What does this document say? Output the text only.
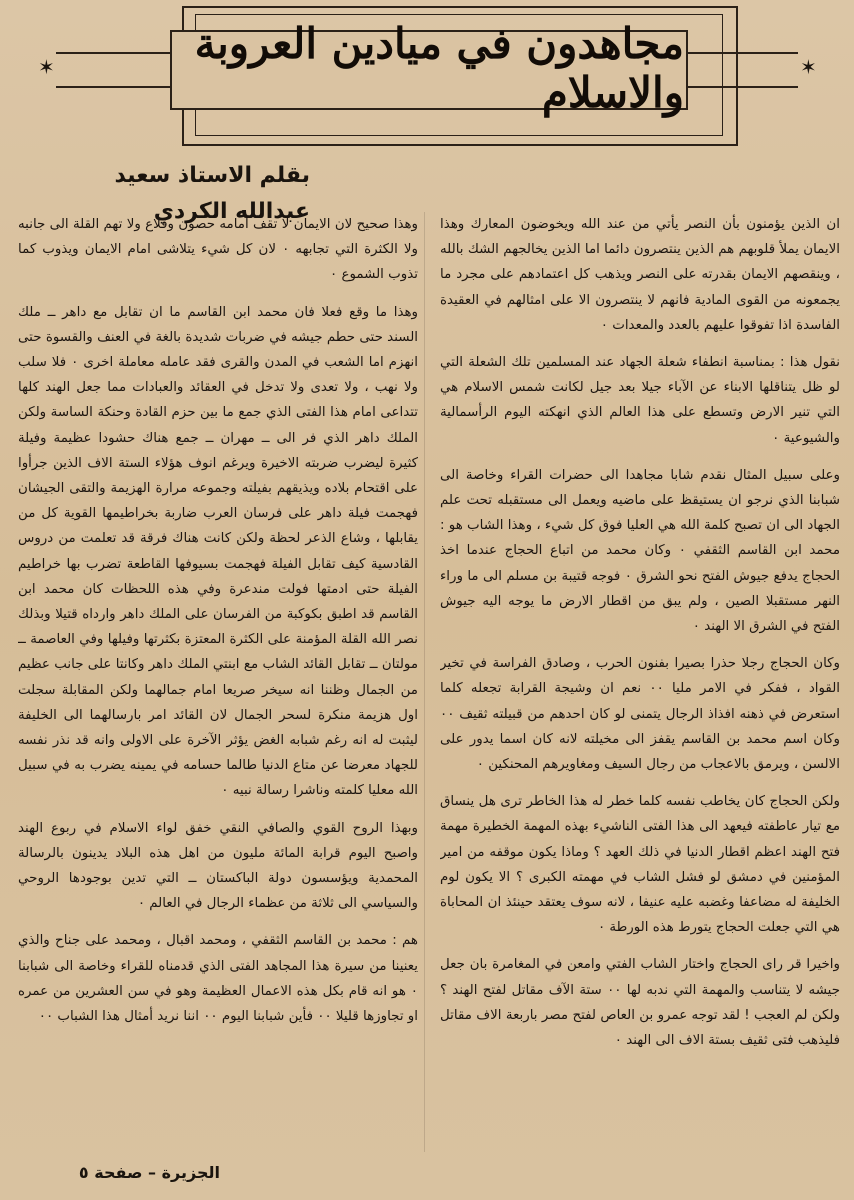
✶	✶
مجاهدون في ميادين العروبة والاسلام
بقلم الاستاذ سعيد عبدالله الكردي

ان الذين يؤمنون بأن النصر يأتي من عند الله ويخوضون المعارك وهذا الايمان يملأ قلوبهم هم الذين ينتصرون دائما اما الذين يخالجهم الشك بالله ، وينقصهم الايمان بقدرته على النصر ويذهب كل اعتمادهم على مجرد ما يجمعونه من القوى المادية فانهم لا ينتصرون الا على امثالهم في العقيدة الفاسدة اذا تفوقوا عليهم بالعدد والمعدات ٠

نقول هذا : بمناسبة انطفاء شعلة الجهاد عند المسلمين تلك الشعلة التي لو ظل يتناقلها الابناء عن الآباء جيلا بعد جيل لكانت شمس الاسلام هي التي تنير الارض وتسطع على هذا العالم الذي انهكته اليوم الرأسمالية والشيوعية ٠

وعلى سبيل المثال نقدم شابا مجاهدا الى حضرات القراء وخاصة الى شبابنا الذي نرجو ان يستيقظ على ماضيه ويعمل الى مستقبله تحت علم الجهاد الى ان تصبح كلمة الله هي العليا فوق كل شيء ، وهذا الشاب هو : محمد ابن القاسم الثقفي ٠ وكان محمد من اتباع الحجاج عندما اخذ الحجاج يدفع جيوش الفتح نحو الشرق ٠ فوجه قتيبة بن مسلم الى ما وراء النهر مستقبلا الصين ، ولم يبق من اقطار الارض ما يوجه اليه جيوش الفتح في الشرق الا الهند ٠

وكان الحجاج رجلا حذرا بصيرا بفنون الحرب ، وصادق الفراسة في تخير القواد ، ففكر في الامر مليا ٠٠ نعم ان وشيجة القرابة تجعله كلما استعرض في ذهنه افذاذ الرجال يتمنى لو كان احدهم من قبيلته ثقيف ٠٠ وكان اسم محمد بن القاسم يقفز الى مخيلته لانه كان اسما يدور على الالسن ، ويرمق بالاعجاب من رجال السيف ومغاويرهم المحنكين ٠

ولكن الحجاج كان يخاطب نفسه كلما خطر له هذا الخاطر ترى هل ينساق مع تيار عاطفته فيعهد الى هذا الفتى الناشيء بهذه المهمة الخطيرة مهمة فتح الهند اعظم اقطار الدنيا في ذلك العهد ؟ وماذا يكون موقفه من امير المؤمنين في دمشق لو فشل الشاب في مهمته الكبرى ؟ الا يكون لوم الخليفة له مضاعفا وغضبه عليه عنيفا ، لانه سوف يعتقد حينئذ ان المحاباة هي التي جعلت الحجاج يتورط هذه الورطة ٠

واخيرا قر راى الحجاج واختار الشاب الفتي وامعن في المغامرة بان جعل جيشه لا يتناسب والمهمة التي ندبه لها ٠٠ ستة الآف مقاتل لفتح الهند ؟ ولكن لم العجب ! لقد توجه عمرو بن العاص لفتح مصر باربعة الاف مقاتل فليذهب فتى ثقيف بستة الاف الى الهند ٠

وهذا صحيح لان الايمان لا تقف امامه حصون وقلاع ولا تهم القلة الى جانبه ولا الكثرة التي تجابهه ٠ لان كل شيء يتلاشى امام الايمان ويذوب كما تذوب الشموع ٠

وهذا ما وقع فعلا فان محمد ابن القاسم ما ان تقابل مع داهر ــ ملك السند حتى حطم جيشه في ضربات شديدة بالغة في العنف والقسوة حتى انهزم اما الشعب في المدن والقرى فقد عامله معاملة اخرى ٠ فلا سلب ولا نهب ، ولا تعدى ولا تدخل في العقائد والعبادات مما جعل الهند كلها تتداعى امام هذا الفتى الذي جمع ما بين حزم القادة وحنكة الساسة ولكن الملك داهر الذي فر الى ــ مهران ــ جمع هناك حشودا عظيمة وفيلة كثيرة ليضرب ضربته الاخيرة ويرغم انوف هؤلاء الستة الاف الذين جرأوا على اقتحام بلاده ويذيقهم بفيلته وجموعه مرارة الهزيمة والتقى الجيشان فهجمت فيلة داهر على فرسان العرب ضاربة بخراطيمها القوية كل من يقابلها ، وشاع الذعر لحظة ولكن كانت هناك فرقة قد تعلمت من دروس القادسية كيف تقابل الفيلة فهجمت بسيوفها القاطعة تضرب بها خراطيم الفيلة حتى ادمتها فولت مندعرة وفي هذه اللحظات كان محمد ابن القاسم قد اطبق بكوكبة من الفرسان على الملك داهر وارداه قتيلا وبذلك نصر الله القلة المؤمنة على الكثرة المعتزة بكثرتها وفيلها وفي العاصمة ــ مولتان ــ تقابل القائد الشاب مع ابنتي الملك داهر وكانتا على جانب عظيم من الجمال وظننا انه سيخر صريعا امام جمالهما ولكن المقابلة سجلت اول هزيمة منكرة لسحر الجمال لان القائد امر بارسالهما الى الخليفة ليثبت له انه رغم شبابه الغض يؤثر الآخرة على الاولى وانه قد نذر نفسه للجهاد معرضا عن متاع الدنيا طالما حسامه في يمينه يضرب به في سبيل الله معليا كلمته وناشرا رسالة نبيه ٠

وبهذا الروح القوي والصافي النقي خفق لواء الاسلام في ربوع الهند واصبح اليوم قرابة المائة مليون من اهل هذه البلاد يدينون بالرسالة المحمدية ويؤسسون دولة الباكستان ــ التي تدين بوجودها الروحي والسياسي الى ثلاثة من عظماء الرجال في العالم ٠

هم : محمد بن القاسم الثقفي ، ومحمد اقبال ، ومحمد على جناح والذي يعنينا من سيرة هذا المجاهد الفتى الذي قدمناه للقراء وخاصة الى شبابنا ٠ هو انه قام بكل هذه الاعمال العظيمة وهو في سن العشرين من عمره او تجاوزها قليلا ٠٠ فأين شبابنا اليوم ٠٠ اننا نريد أمثال هذا الشباب ٠٠

الجزيرة – صفحة ٥
